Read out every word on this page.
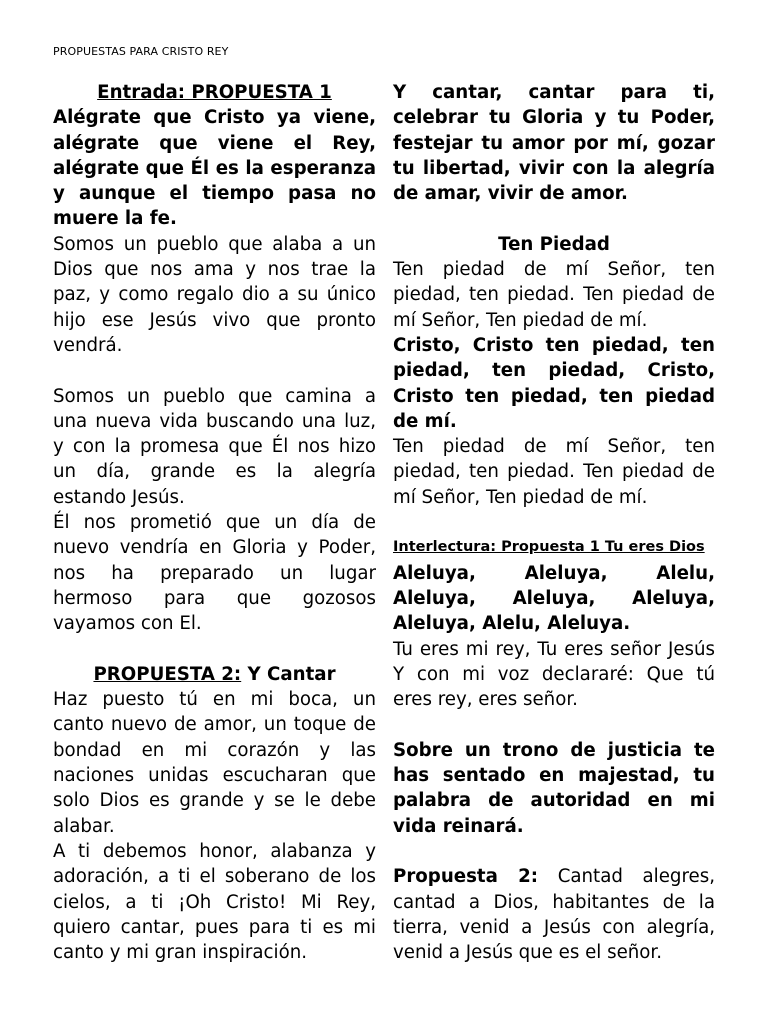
PROPUESTAS PARA CRISTO REY

Entrada: PROPUESTA 1

Alégrate que Cristo ya viene, alégrate que viene el Rey, alégrate que Él es la esperanza y aunque el tiempo pasa no muere la fe.

Somos un pueblo que alaba a un Dios que nos ama y nos trae la paz, y como regalo dio a su único hijo ese Jesús vivo que pronto vendrá.

Somos un pueblo que camina a una nueva vida buscando una luz, y con la promesa que Él nos hizo un día, grande es la alegría estando Jesús.

Él nos prometió que un día de nuevo vendría en Gloria y Poder, nos ha preparado un lugar hermoso para que gozosos vayamos con El.

PROPUESTA 2: Y Cantar

Haz puesto tú en mi boca, un canto nuevo de amor, un toque de bondad en mi corazón y las naciones unidas escucharan que solo Dios es grande y se le debe alabar.

A ti debemos honor, alabanza y adoración, a ti el soberano de los cielos, a ti ¡Oh Cristo! Mi Rey, quiero cantar, pues para ti es mi canto y mi gran inspiración.

Y cantar, cantar para ti, celebrar tu Gloria y tu Poder, festejar tu amor por mí, gozar tu libertad, vivir con la alegría de amar, vivir de amor.

Ten Piedad

Ten piedad de mí Señor, ten piedad, ten piedad. Ten piedad de mí Señor, Ten piedad de mí.

Cristo, Cristo ten piedad, ten piedad, ten piedad, Cristo, Cristo ten piedad, ten piedad de mí.

Ten piedad de mí Señor, ten piedad, ten piedad. Ten piedad de mí Señor, Ten piedad de mí.

Interlectura: Propuesta 1 Tu eres Dios

Aleluya, Aleluya, Alelu, Aleluya, Aleluya, Aleluya, Aleluya, Alelu, Aleluya.

Tu eres mi rey, Tu eres señor Jesús Y con mi voz declararé: Que tú eres rey, eres señor.

Sobre un trono de justicia te has sentado en majestad, tu palabra de autoridad en mi vida reinará.

Propuesta 2: Cantad alegres, cantad a Dios, habitantes de la tierra, venid a Jesús con alegría, venid a Jesús que es el señor.
